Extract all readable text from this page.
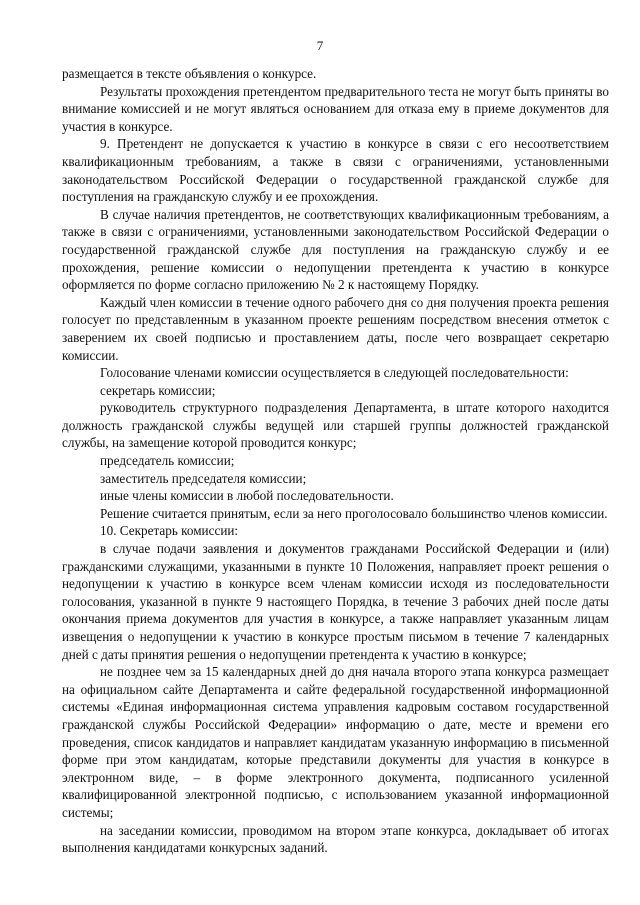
7

размещается в тексте объявления о конкурсе.

Результаты прохождения претендентом предварительного теста не могут быть приняты во внимание комиссией и не могут являться основанием для отказа ему в приеме документов для участия в конкурсе.

9. Претендент не допускается к участию в конкурсе в связи с его несоответствием квалификационным требованиям, а также в связи с ограничениями, установленными законодательством Российской Федерации о государственной гражданской службе для поступления на гражданскую службу и ее прохождения.

В случае наличия претендентов, не соответствующих квалификационным требованиям, а также в связи с ограничениями, установленными законодательством Российской Федерации о государственной гражданской службе для поступления на гражданскую службу и ее прохождения, решение комиссии о недопущении претендента к участию в конкурсе оформляется по форме согласно приложению № 2 к настоящему Порядку.

Каждый член комиссии в течение одного рабочего дня со дня получения проекта решения голосует по представленным в указанном проекте решениям посредством внесения отметок с заверением их своей подписью и проставлением даты, после чего возвращает секретарю комиссии.

Голосование членами комиссии осуществляется в следующей последовательности:

секретарь комиссии;

руководитель структурного подразделения Департамента, в штате которого находится должность гражданской службы ведущей или старшей группы должностей гражданской службы, на замещение которой проводится конкурс;

председатель комиссии;

заместитель председателя комиссии;

иные члены комиссии в любой последовательности.

Решение считается принятым, если за него проголосовало большинство членов комиссии.

10. Секретарь комиссии:

в случае подачи заявления и документов гражданами Российской Федерации и (или) гражданскими служащими, указанными в пункте 10 Положения, направляет проект решения о недопущении к участию в конкурсе всем членам комиссии исходя из последовательности голосования, указанной в пункте 9 настоящего Порядка, в течение 3 рабочих дней после даты окончания приема документов для участия в конкурсе, а также направляет указанным лицам извещения о недопущении к участию в конкурсе простым письмом в течение 7 календарных дней с даты принятия решения о недопущении претендента к участию в конкурсе;

не позднее чем за 15 календарных дней до дня начала второго этапа конкурса размещает на официальном сайте Департамента и сайте федеральной государственной информационной системы «Единая информационная система управления кадровым составом государственной гражданской службы Российской Федерации» информацию о дате, месте и времени его проведения, список кандидатов и направляет кандидатам указанную информацию в письменной форме при этом кандидатам, которые представили документы для участия в конкурсе в электронном виде, – в форме электронного документа, подписанного усиленной квалифицированной электронной подписью, с использованием указанной информационной системы;

на заседании комиссии, проводимом на втором этапе конкурса, докладывает об итогах выполнения кандидатами конкурсных заданий.
